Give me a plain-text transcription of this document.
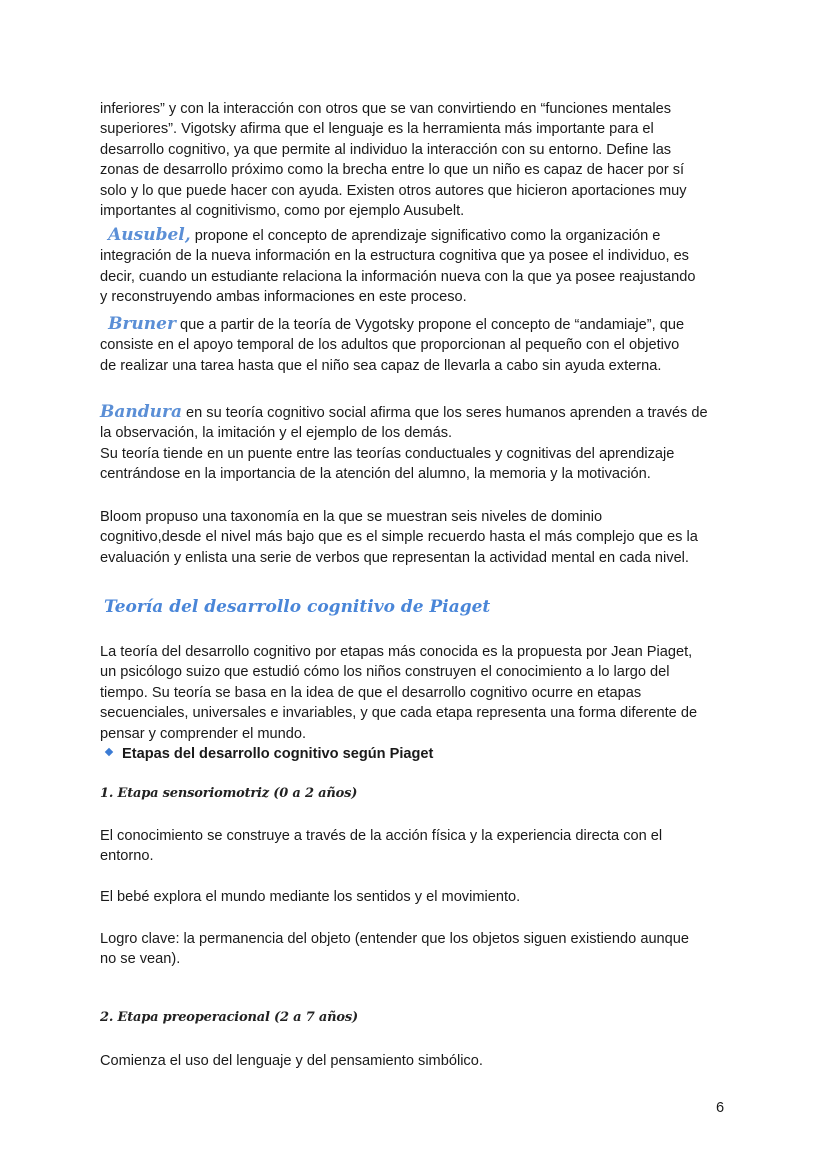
inferiores” y con la interacción con otros que se van convirtiendo en “funciones mentales
superiores”. Vigotsky afirma que el lenguaje es la herramienta más importante para el
desarrollo cognitivo, ya que permite al individuo la interacción con su entorno. Define las
zonas de desarrollo próximo como la brecha entre lo que un niño es capaz de hacer por sí
solo y lo que puede hacer con ayuda. Existen otros autores que hicieron aportaciones muy
importantes al cognitivismo, como por ejemplo Ausubelt.
Ausubel, propone el concepto de aprendizaje significativo como la organización e
integración de la nueva información en la estructura cognitiva que ya posee el individuo, es
decir, cuando un estudiante relaciona la información nueva con la que ya posee reajustando
y reconstruyendo ambas informaciones en este proceso.
Bruner que a partir de la teoría de Vygotsky propone el concepto de “andamiaje”, que
consiste en el apoyo temporal de los adultos que proporcionan al pequeño con el objetivo
de realizar una tarea hasta que el niño sea capaz de llevarla a cabo sin ayuda externa.
Bandura en su teoría cognitivo social afirma que los seres humanos aprenden a través de
la observación, la imitación y el ejemplo de los demás.
Su teoría tiende en un puente entre las teorías conductuales y cognitivas del aprendizaje
centrándose en la importancia de la atención del alumno, la memoria y la motivación.
Bloom propuso una taxonomía en la que se muestran seis niveles de dominio
cognitivo,desde el nivel más bajo que es el simple recuerdo hasta el más complejo que es la
evaluación y enlista una serie de verbos que representan la actividad mental en cada nivel.
Teoría del desarrollo cognitivo de Piaget
La teoría del desarrollo cognitivo por etapas más conocida es la propuesta por Jean Piaget,
un psicólogo suizo que estudió cómo los niños construyen el conocimiento a lo largo del
tiempo. Su teoría se basa en la idea de que el desarrollo cognitivo ocurre en etapas
secuenciales, universales e invariables, y que cada etapa representa una forma diferente de
pensar y comprender el mundo.
Etapas del desarrollo cognitivo según Piaget
1. Etapa sensoriomotriz (0 a 2 años)
El conocimiento se construye a través de la acción física y la experiencia directa con el
entorno.
El bebé explora el mundo mediante los sentidos y el movimiento.
Logro clave: la permanencia del objeto (entender que los objetos siguen existiendo aunque
no se vean).
2. Etapa preoperacional (2 a 7 años)
Comienza el uso del lenguaje y del pensamiento simbólico.
6
